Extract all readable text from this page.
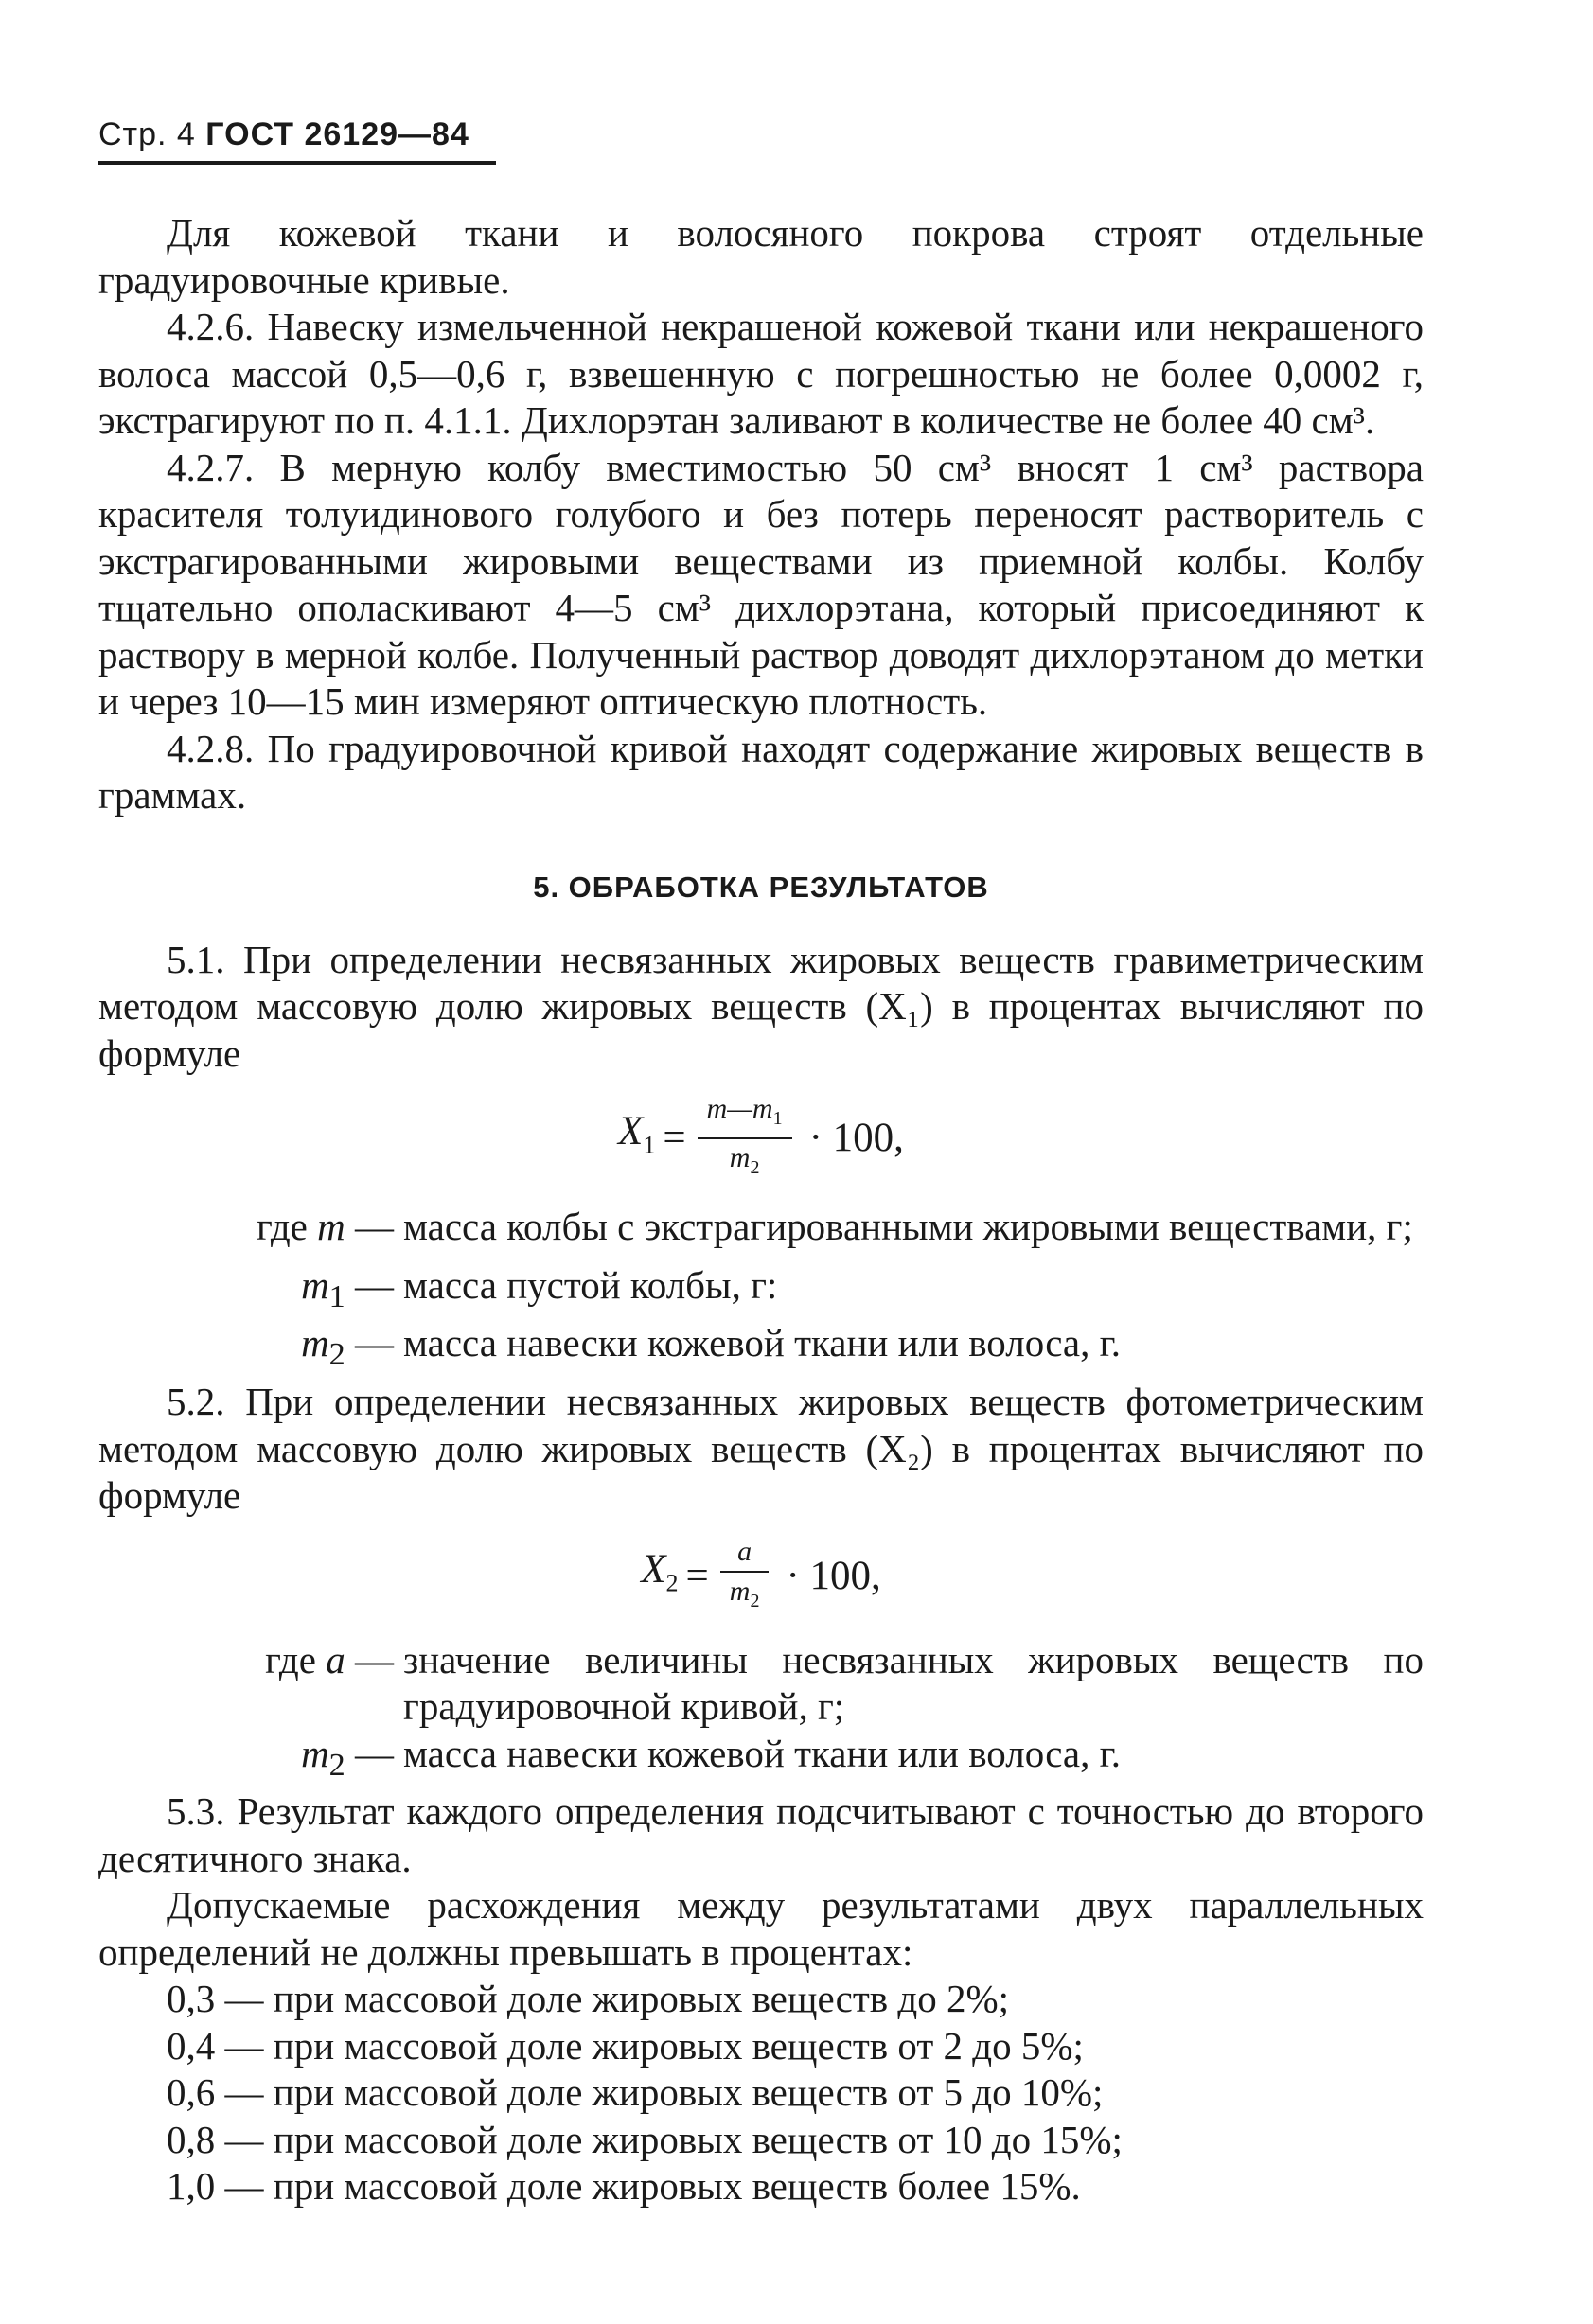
Стр. 4 ГОСТ 26129—84

Для кожевой ткани и волосяного покрова строят отдельные градуировочные кривые.

4.2.6. Навеску измельченной некрашеной кожевой ткани или некрашеного волоса массой 0,5—0,6 г, взвешенную с погрешностью не более 0,0002 г, экстрагируют по п. 4.1.1. Дихлорэтан заливают в количестве не более 40 см³.

4.2.7. В мерную колбу вместимостью 50 см³ вносят 1 см³ раствора красителя толуидинового голубого и без потерь переносят растворитель с экстрагированными жировыми веществами из приемной колбы. Колбу тщательно ополаскивают 4—5 см³ дихлорэтана, который присоединяют к раствору в мерной колбе. Полученный раствор доводят дихлорэтаном до метки и через 10—15 мин измеряют оптическую плотность.

4.2.8. По градуировочной кривой находят содержание жировых веществ в граммах.

5. ОБРАБОТКА РЕЗУЛЬТАТОВ

5.1. При определении несвязанных жировых веществ гравиметрическим методом массовую долю жировых веществ (X₁) в процентах вычисляют по формуле

$X_1 = \frac{m—m_1}{m_2} \cdot 100$,
где m — масса колбы с экстрагированными жировыми веществами, г;
$m_1$ — масса пустой колбы, г:
$m_2$ — масса навески кожевой ткани или волоса, г.

5.2. При определении несвязанных жировых веществ фотометрическим методом массовую долю жировых веществ (X₂) в процентах вычисляют по формуле

$X_2 = \frac{a}{m_2} \cdot 100$,
где a — значение величины несвязанных жировых веществ по градуировочной кривой, г;
$m_2$ — масса навески кожевой ткани или волоса, г.

5.3. Результат каждого определения подсчитывают с точностью до второго десятичного знака.

Допускаемые расхождения между результатами двух параллельных определений не должны превышать в процентах:

0,3 — при массовой доле жировых веществ до 2%;

0,4 — при массовой доле жировых веществ от 2 до 5%;

0,6 — при массовой доле жировых веществ от 5 до 10%;

0,8 — при массовой доле жировых веществ от 10 до 15%;

1,0 — при массовой доле жировых веществ более 15%.
